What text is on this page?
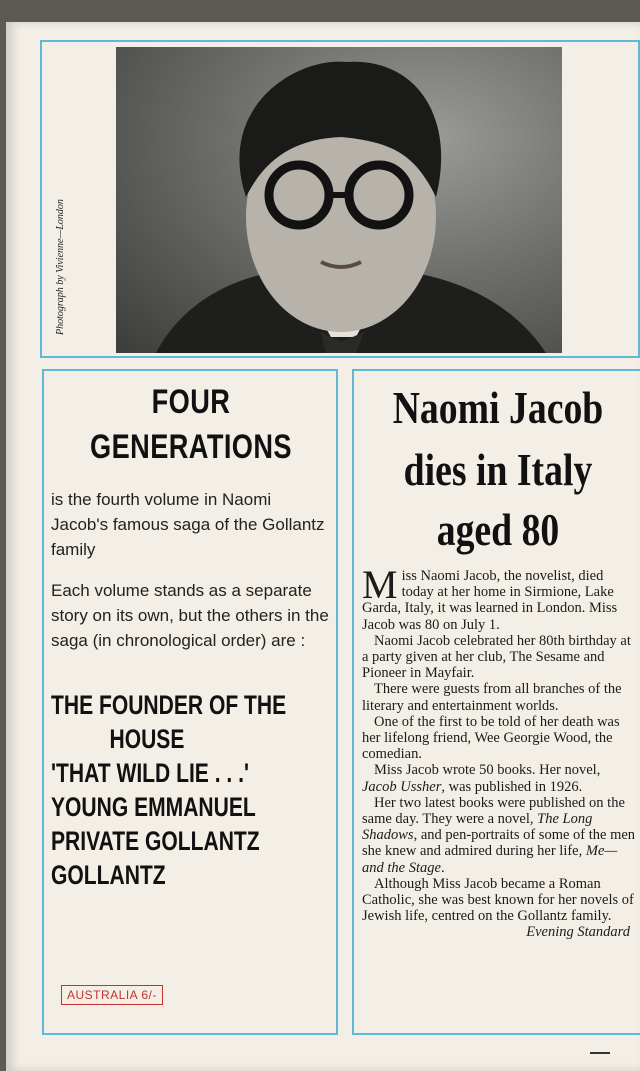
Photograph by Vivienne—London
FOUR
GENERATIONS
is the fourth volume in Naomi Jacob's famous saga of the Gollantz family
Each volume stands as a separate story on its own, but the others in the saga (in chronological order) are :
THE FOUNDER OF THE
HOUSE
'THAT WILD LIE . . .'
YOUNG EMMANUEL
PRIVATE GOLLANTZ
GOLLANTZ
AUSTRALIA 6/-
Naomi Jacob
dies in Italy
aged 80

Miss Naomi Jacob, the novelist, died today at her home in Sirmione, Lake Garda, Italy, it was learned in London. Miss Jacob was 80 on July 1.

Naomi Jacob celebrated her 80th birthday at a party given at her club, The Sesame and Pioneer in Mayfair.

There were guests from all branches of the literary and entertainment worlds.

One of the first to be told of her death was her lifelong friend, Wee Georgie Wood, the comedian.

Miss Jacob wrote 50 books. Her novel, Jacob Ussher, was published in 1926.

Her two latest books were published on the same day. They were a novel, The Long Shadows, and pen-portraits of some of the men she knew and admired during her life, Me—and the Stage.

Although Miss Jacob became a Roman Catholic, she was best known for her novels of Jewish life, centred on the Gollantz family.

Evening Standard
